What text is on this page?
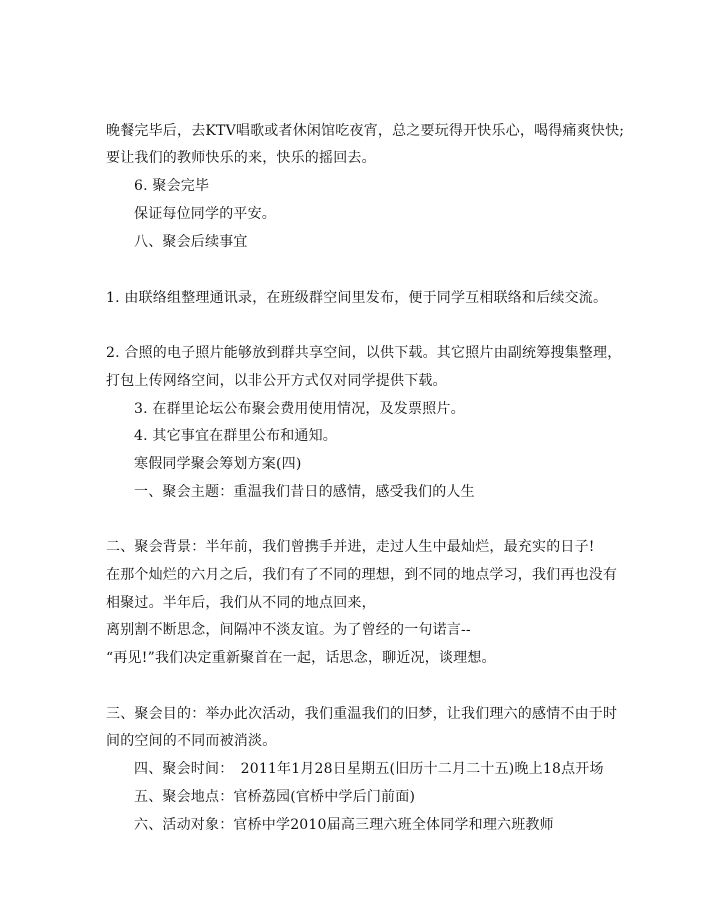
晚餐完毕后，去KTV唱歌或者休闲馆吃夜宵，总之要玩得开快乐心，喝得痛爽快快;
要让我们的教师快乐的来，快乐的摇回去。
6. 聚会完毕
保证每位同学的平安。
八、聚会后续事宜
1. 由联络组整理通讯录，在班级群空间里发布，便于同学互相联络和后续交流。
2. 合照的电子照片能够放到群共享空间，以供下载。其它照片由副统筹搜集整理，
打包上传网络空间，以非公开方式仅对同学提供下载。
3. 在群里论坛公布聚会费用使用情况，及发票照片。
4. 其它事宜在群里公布和通知。
寒假同学聚会筹划方案(四)
一、聚会主题：重温我们昔日的感情，感受我们的人生
二、聚会背景：半年前，我们曾携手并进，走过人生中最灿烂，最充实的日子!
在那个灿烂的六月之后，我们有了不同的理想，到不同的地点学习，我们再也没有
相聚过。半年后，我们从不同的地点回来，
离别割不断思念，间隔冲不淡友谊。为了曾经的一句诺言--
“再见!”我们决定重新聚首在一起，话思念，聊近况，谈理想。
三、聚会目的：举办此次活动，我们重温我们的旧梦，让我们理六的感情不由于时
间的空间的不同而被消淡。
四、聚会时间：　2011年1月28日星期五(旧历十二月二十五)晚上18点开场
五、聚会地点：官桥荔园(官桥中学后门前面)
六、活动对象：官桥中学2010届高三理六班全体同学和理六班教师
